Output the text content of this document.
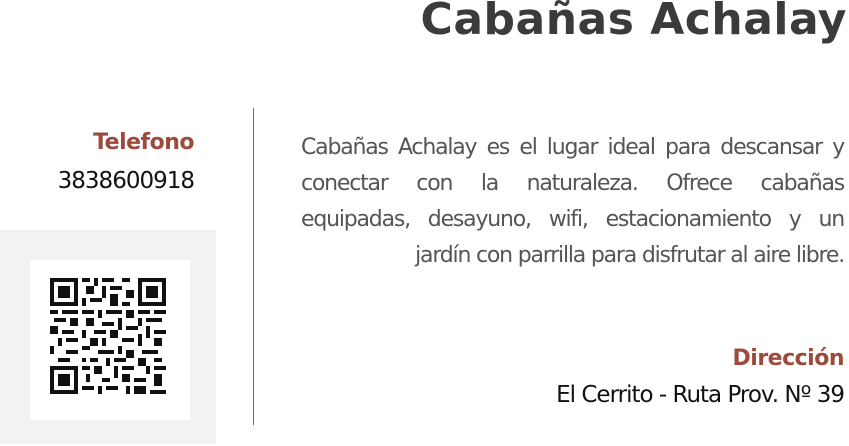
Cabañas Achalay
Telefono
3838600918

Cabañas Achalay es el lugar ideal para descansar y conectar con la naturaleza. Ofrece cabañas equipadas, desayuno, wifi, estacionamiento y un jardín con parrilla para disfrutar al aire libre.

Dirección
El Cerrito - Ruta Prov. Nº 39
